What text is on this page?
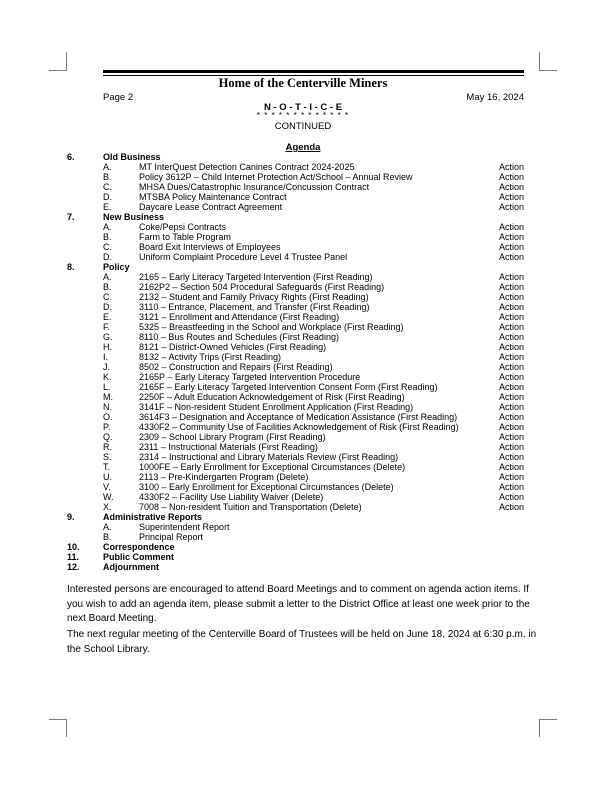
Home of the Centerville Miners
Page 2	May 16, 2024
N - O - T - I - C - E
* * * * * * * * * * * * *
CONTINUED
Agenda
6.	Old Business
A.	MT InterQuest Detection Canines Contract 2024-2025	Action
B.	Policy 3612P – Child Internet Protection Act/School – Annual Review	Action
C.	MHSA Dues/Catastrophic Insurance/Concussion Contract	Action
D.	MTSBA Policy Maintenance Contract	Action
E.	Daycare Lease Contract Agreement	Action
7.	New Business
A.	Coke/Pepsi Contracts	Action
B.	Farm to Table Program	Action
C.	Board Exit Interviews of Employees	Action
D.	Uniform Complaint Procedure Level 4 Trustee Panel	Action
8.	Policy
A.	2165 – Early Literacy Targeted Intervention (First Reading)	Action
B.	2162P2 – Section 504 Procedural Safeguards (First Reading)	Action
C.	2132 – Student and Family Privacy Rights (First Reading)	Action
D.	3110 – Entrance, Placement, and Transfer (First Reading)	Action
E.	3121 – Enrollment and Attendance (First Reading)	Action
F.	5325 – Breastfeeding in the School and Workplace (First Reading)	Action
G.	8110 – Bus Routes and Schedules (First Reading)	Action
H.	8121 – District-Owned Vehicles (First Reading)	Action
I.	8132 – Activity Trips (First Reading)	Action
J.	8502 – Construction and Repairs (First Reading)	Action
K.	2165P – Early Literacy Targeted Intervention Procedure	Action
L.	2165F – Early Literacy Targeted Intervention Consent Form (First Reading)	Action
M.	2250F – Adult Education Acknowledgement of Risk (First Reading)	Action
N.	3141F – Non-resident Student Enrollment Application (First Reading)	Action
O.	3614F3 – Designation and Acceptance of Medication Assistance (First Reading)	Action
P.	4330F2 – Community Use of Facilities Acknowledgement of Risk (First Reading)	Action
Q.	2309 – School Library Program (First Reading)	Action
R.	2311 – Instructional Materials (First Reading)	Action
S.	2314 – Instructional and Library Materials Review (First Reading)	Action
T.	1000FE – Early Enrollment for Exceptional Circumstances (Delete)	Action
U.	2113 – Pre-Kindergarten Program (Delete)	Action
V.	3100 – Early Enrollment for Exceptional Circumstances (Delete)	Action
W.	4330F2 – Facility Use Liability Waiver (Delete)	Action
X.	7008 – Non-resident Tuition and Transportation (Delete)	Action
9.	Administrative Reports
A.	Superintendent Report
B.	Principal Report
10.	Correspondence
11.	Public Comment
12.	Adjournment
Interested persons are encouraged to attend Board Meetings and to comment on agenda action items. If you wish to add an agenda item, please submit a letter to the District Office at least one week prior to the next Board Meeting.
The next regular meeting of the Centerville Board of Trustees will be held on June 18, 2024 at 6:30 p.m. in the School Library.
